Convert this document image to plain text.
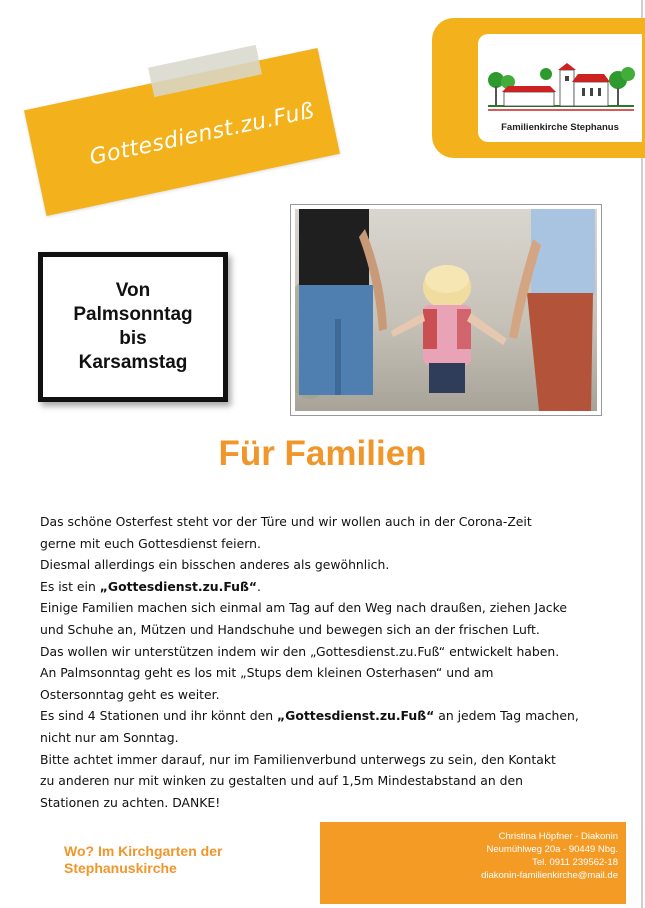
Gottesdienst.zu.Fuß	Familienkirche Stephanus
Von
Palmsonntag
bis
Karsamstag
Für Familien

Das schöne Osterfest steht vor der Türe und wir wollen auch in der Corona-Zeit

gerne mit euch Gottesdienst feiern.

Diesmal allerdings ein bisschen anderes als gewöhnlich.

Es ist ein „Gottesdienst.zu.Fuß“.

Einige Familien machen sich einmal am Tag auf den Weg nach draußen, ziehen Jacke

und Schuhe an, Mützen und Handschuhe und bewegen sich an der frischen Luft.

Das wollen wir unterstützen indem wir den „Gottesdienst.zu.Fuß“ entwickelt haben.

An Palmsonntag geht es los mit „Stups dem kleinen Osterhasen“ und am

Ostersonntag geht es weiter.

Es sind 4 Stationen und ihr könnt den „Gottesdienst.zu.Fuß“ an jedem Tag machen,

nicht nur am Sonntag.

Bitte achtet immer darauf, nur im Familienverbund unterwegs zu sein, den Kontakt

zu anderen nur mit winken zu gestalten und auf 1,5m Mindestabstand an den

Stationen zu achten. DANKE!

Wo? Im Kirchgarten der
Stephanuskirche
Christina Höpfner - Diakonin
Neumühlweg 20a - 90449 Nbg.
Tel. 0911 239562-18
diakonin-familienkirche@mail.de
